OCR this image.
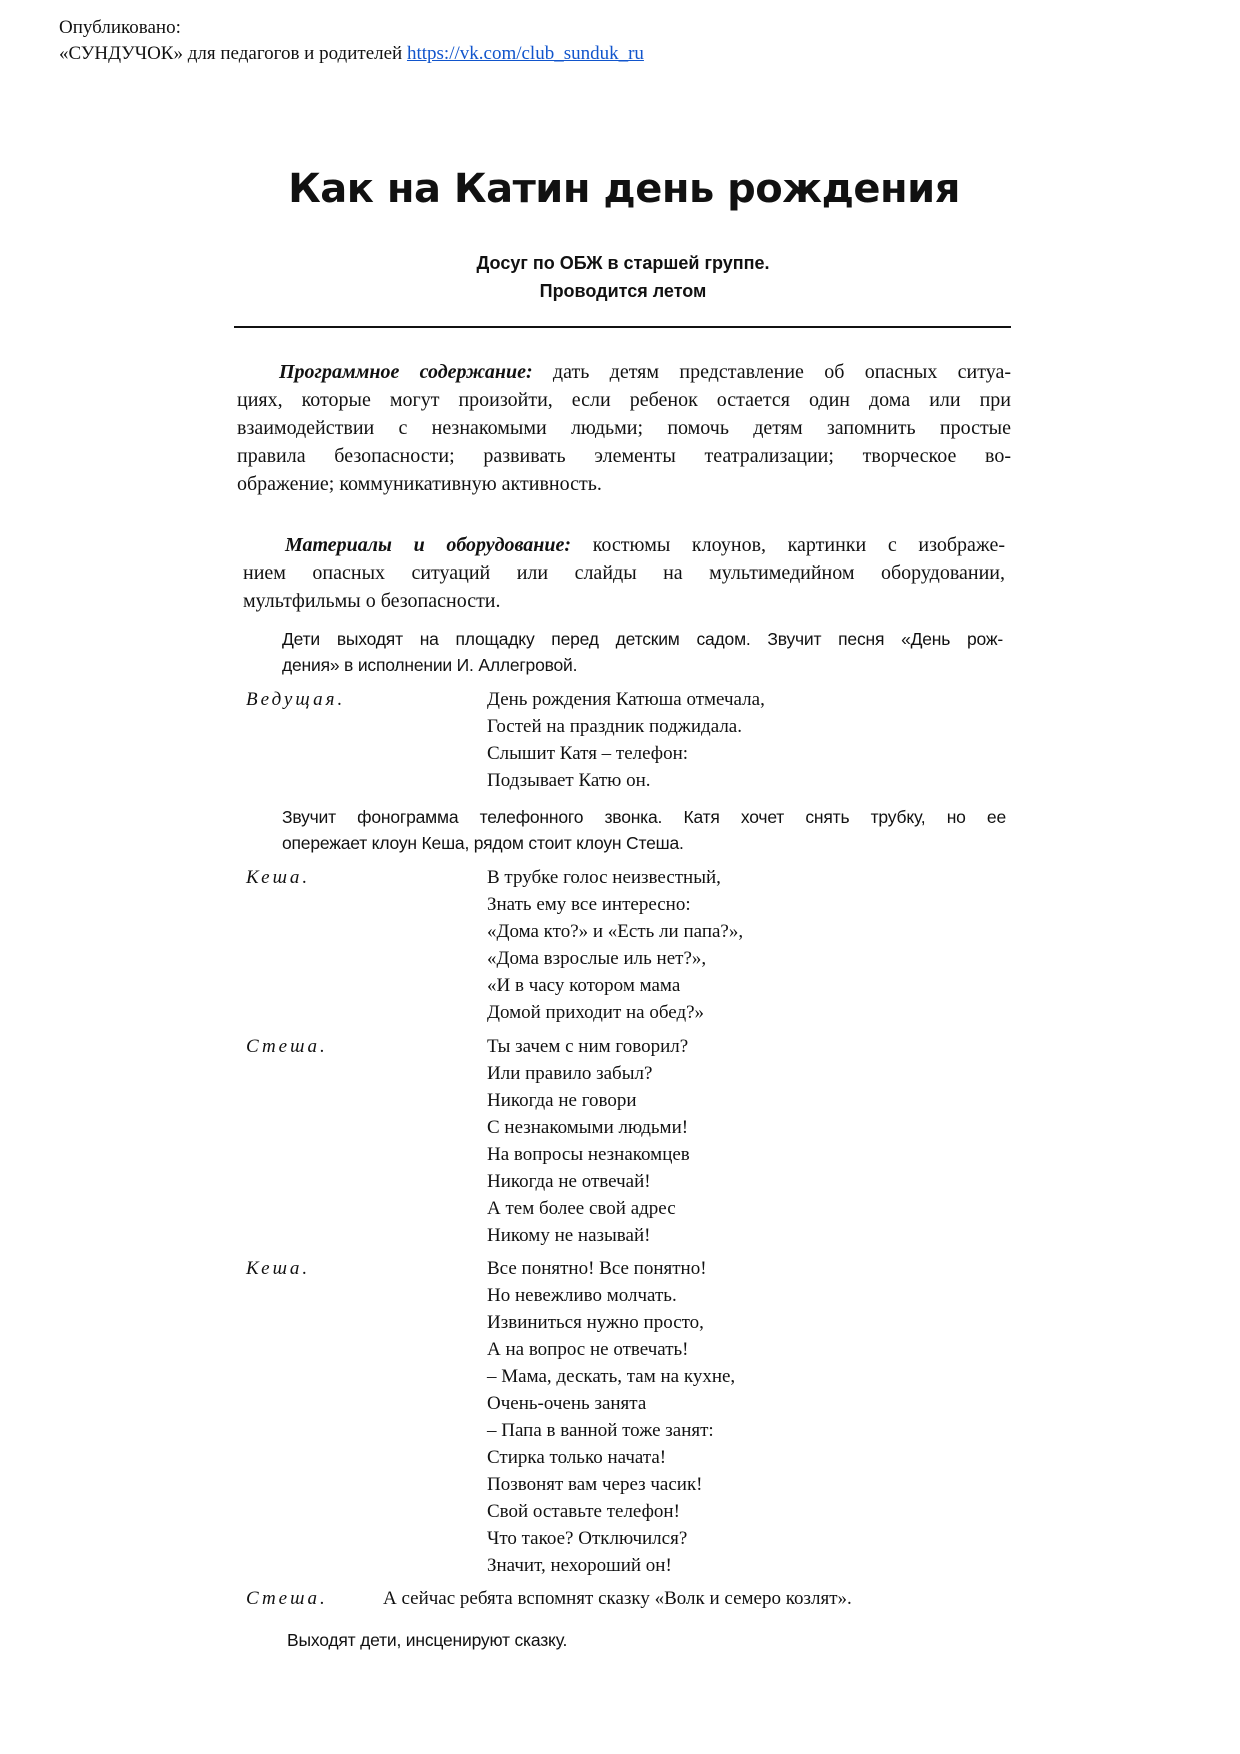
Опубликовано:
«СУНДУЧОК» для педагогов и родителей https://vk.com/club_sunduk_ru
Как на Катин день рождения
Досуг по ОБЖ в старшей группе.
Проводится летом
Программное содержание: дать детям представление об опасных ситуа-
циях, которые могут произойти, если ребенок остается один дома или при
взаимодействии с незнакомыми людьми; помочь детям запомнить простые
правила безопасности; развивать элементы театрализации; творческое во-
ображение; коммуникативную активность.
Материалы и оборудование: костюмы клоунов, картинки с изображе-
нием опасных ситуаций или слайды на мультимедийном оборудовании,
мультфильмы о безопасности.
Дети выходят на площадку перед детским садом. Звучит песня «День рож-
дения» в исполнении И. Аллегровой.
Ведущая.	День рождения Катюша отмечала,
Гостей на праздник поджидала.
Слышит Катя – телефон:
Подзывает Катю он.
Звучит фонограмма телефонного звонка. Катя хочет снять трубку, но ее
опережает клоун Кеша, рядом стоит клоун Стеша.
Кеша.	В трубке голос неизвестный,
Знать ему все интересно:
«Дома кто?» и «Есть ли папа?»,
«Дома взрослые иль нет?»,
«И в часу котором мама
Домой приходит на обед?»
Стеша.	Ты зачем с ним говорил?
Или правило забыл?
Никогда не говори
С незнакомыми людьми!
На вопросы незнакомцев
Никогда не отвечай!
А тем более свой адрес
Никому не называй!
Кеша.	Все понятно! Все понятно!
Но невежливо молчать.
Извиниться нужно просто,
А на вопрос не отвечать!
– Мама, дескать, там на кухне,
Очень-очень занята
– Папа в ванной тоже занят:
Стирка только начата!
Позвонят вам через часик!
Свой оставьте телефон!
Что такое? Отключился?
Значит, нехороший он!
Стеша.	А сейчас ребята вспомнят сказку «Волк и семеро козлят».
Выходят дети, инсценируют сказку.
